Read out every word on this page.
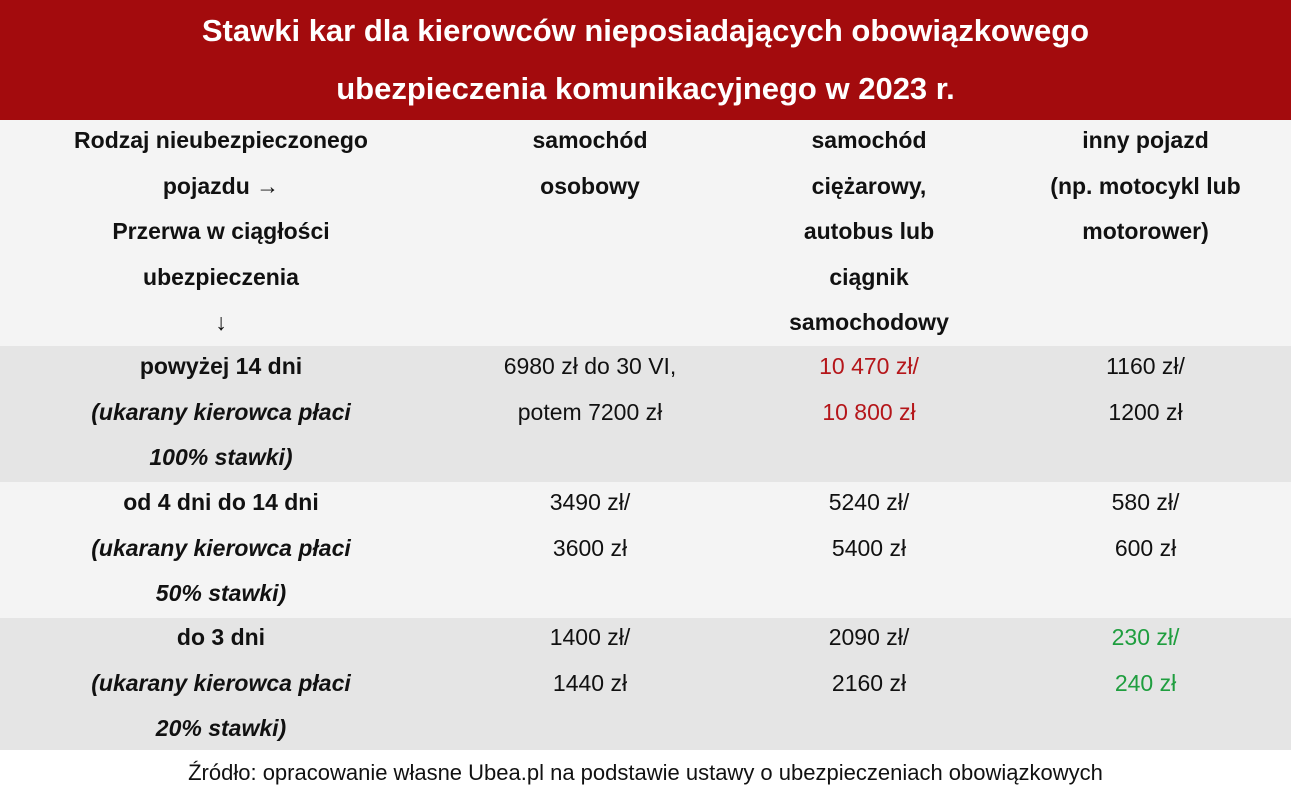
Stawki kar dla kierowców nieposiadających obowiązkowego
ubezpieczenia komunikacyjnego w 2023 r.
Rodzaj nieubezpieczonego
pojazdu →
Przerwa w ciągłości
ubezpieczenia
↓
samochód
osobowy
samochód
ciężarowy,
autobus lub
ciągnik
samochodowy
inny pojazd
(np. motocykl lub
motorower)
powyżej 14 dni
(ukarany kierowca płaci
100% stawki)
6980 zł do 30 VI,
potem 7200 zł
10 470 zł/
10 800 zł
1160 zł/
1200 zł
od 4 dni do 14 dni
(ukarany kierowca płaci
50% stawki)
3490 zł/
3600 zł
5240 zł/
5400 zł
580 zł/
600 zł
do 3 dni
(ukarany kierowca płaci
20% stawki)
1400 zł/
1440 zł
2090 zł/
2160 zł
230 zł/
240 zł
Źródło: opracowanie własne Ubea.pl na podstawie ustawy o ubezpieczeniach obowiązkowych
